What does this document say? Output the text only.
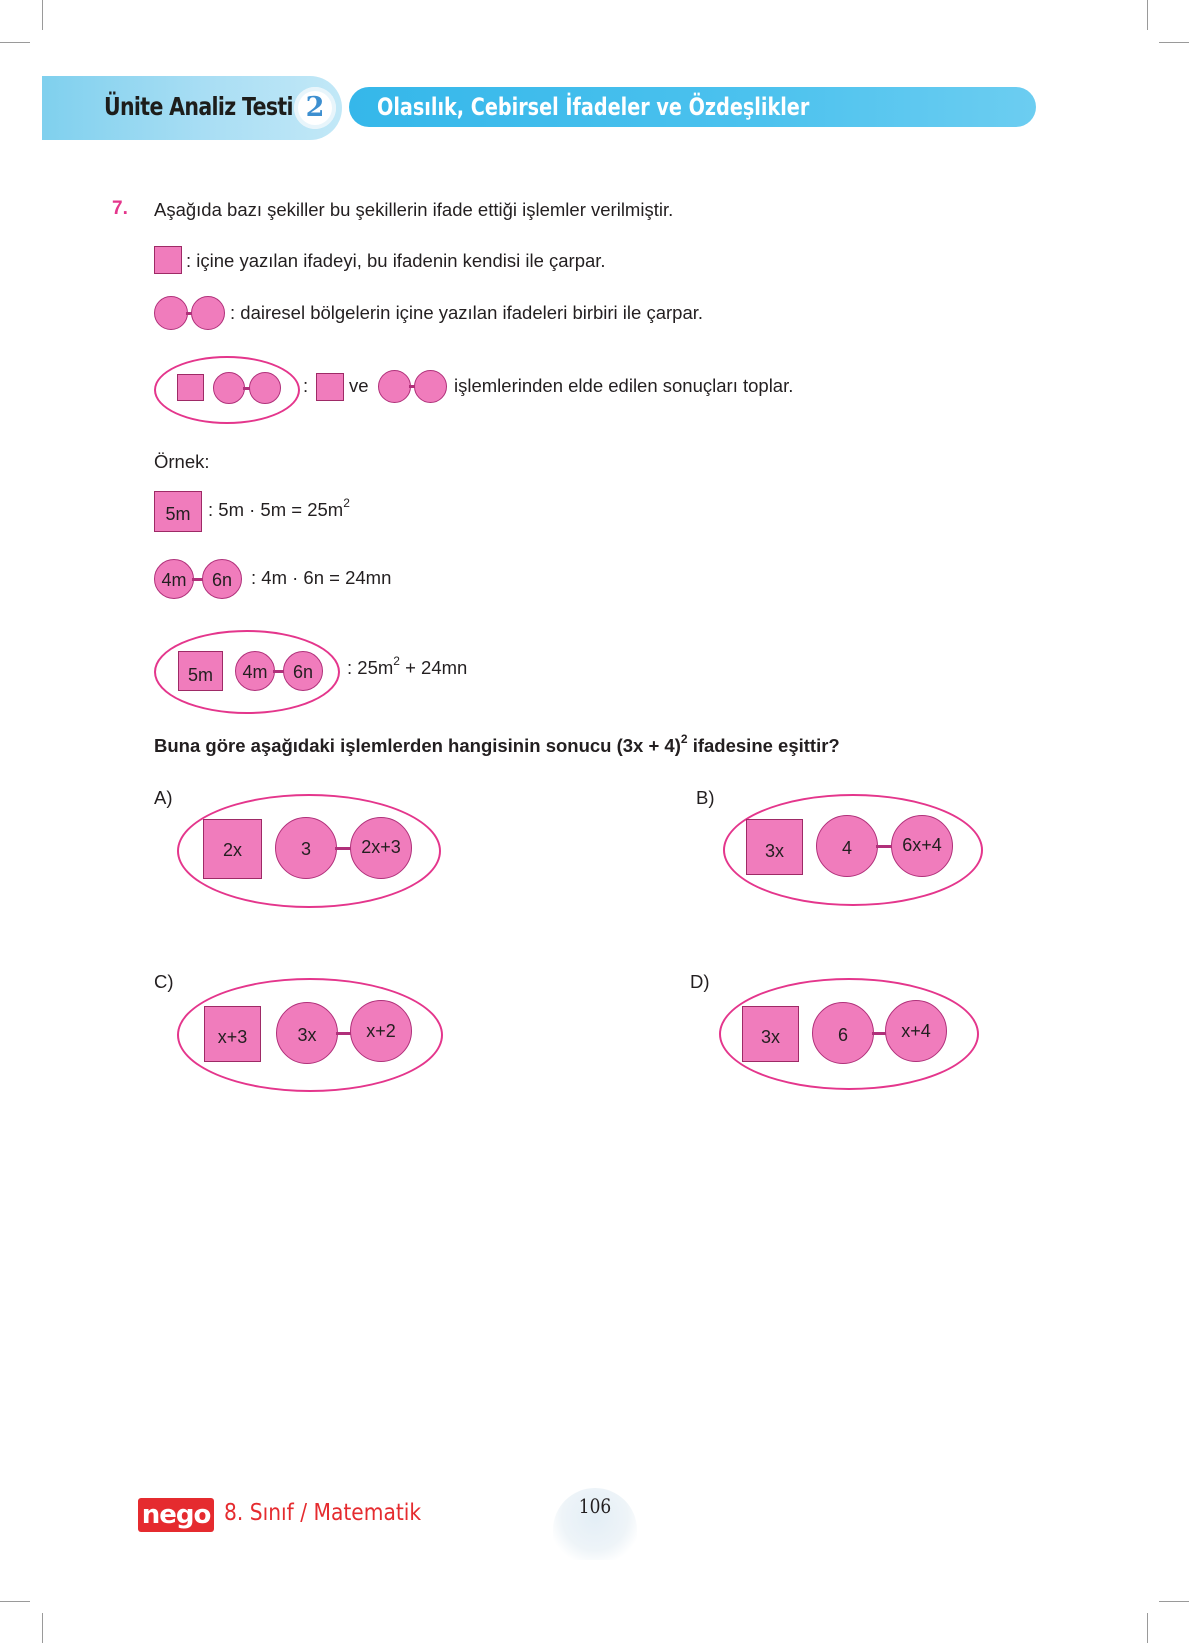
Ünite Analiz Testi 2	Olasılık, Cebirsel İfadeler ve Özdeşlikler
7. Aşağıda bazı şekiller bu şekillerin ifade ettiği işlemler verilmiştir.
: içine yazılan ifadeyi, bu ifadenin kendisi ile çarpar.
: dairesel bölgelerin içine yazılan ifadeleri birbiri ile çarpar.
: ve	işlemlerinden elde edilen sonuçları toplar.
Örnek:
5m : $5m \cdot 5m = 25m^2$
4m	6n	: 4m · 6n = 24mn
5m	4m	6n	: $25m^2 + 24mn$
Buna göre aşağıdaki işlemlerden hangisinin sonucu $(3x + 4)^2$ ifadesine eşittir?
A)
2x	3	2x+3
B)
3x	4	6x+4
C)
x+3	3x	x+2
D)
3x	6	x+4
nego 8. Sınıf / Matematik	106
